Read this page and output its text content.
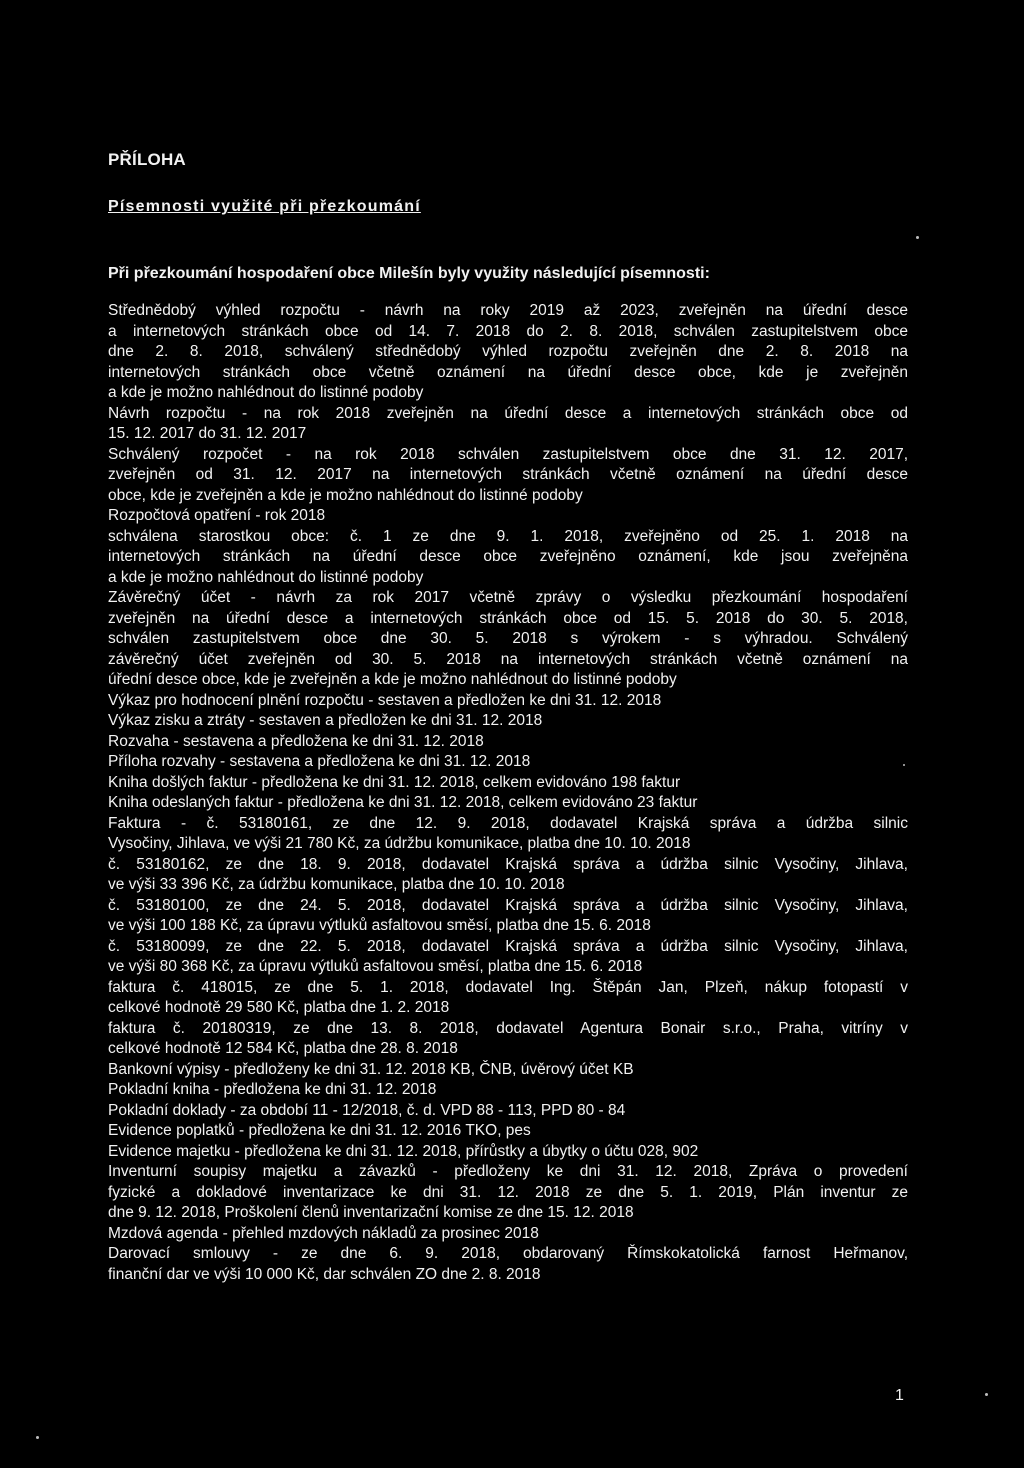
PŘÍLOHA
Písemnosti využité při přezkoumání
Při přezkoumání hospodaření obce Milešín byly využity následující písemnosti:
Střednědobý výhled rozpočtu - návrh na roky 2019 až 2023, zveřejněn na úřední desce
a internetových stránkách obce od 14. 7. 2018 do 2. 8. 2018, schválen zastupitelstvem obce
dne 2. 8. 2018, schválený střednědobý výhled rozpočtu zveřejněn dne 2. 8. 2018 na
internetových stránkách obce včetně oznámení na úřední desce obce, kde je zveřejněn
a kde je možno nahlédnout do listinné podoby
Návrh rozpočtu - na rok 2018 zveřejněn na úřední desce a internetových stránkách obce od
15. 12. 2017 do 31. 12. 2017
Schválený rozpočet - na rok 2018 schválen zastupitelstvem obce dne 31. 12. 2017,
zveřejněn od 31. 12. 2017 na internetových stránkách včetně oznámení na úřední desce
obce, kde je zveřejněn a kde je možno nahlédnout do listinné podoby
Rozpočtová opatření - rok 2018
schválena starostkou obce: č. 1 ze dne 9. 1. 2018, zveřejněno od 25. 1. 2018 na
internetových stránkách na úřední desce obce zveřejněno oznámení, kde jsou zveřejněna
a kde je možno nahlédnout do listinné podoby
Závěrečný účet - návrh za rok 2017 včetně zprávy o výsledku přezkoumání hospodaření
zveřejněn na úřední desce a internetových stránkách obce od 15. 5. 2018 do 30. 5. 2018,
schválen zastupitelstvem obce dne 30. 5. 2018 s výrokem - s výhradou. Schválený
závěrečný účet zveřejněn od 30. 5. 2018 na internetových stránkách včetně oznámení na
úřední desce obce, kde je zveřejněn a kde je možno nahlédnout do listinné podoby
Výkaz pro hodnocení plnění rozpočtu - sestaven a předložen ke dni 31. 12. 2018
Výkaz zisku a ztráty - sestaven a předložen ke dni 31. 12. 2018
Rozvaha - sestavena a předložena ke dni 31. 12. 2018
Příloha rozvahy - sestavena a předložena ke dni 31. 12. 2018
Kniha došlých faktur - předložena ke dni 31. 12. 2018, celkem evidováno 198 faktur
Kniha odeslaných faktur - předložena ke dni 31. 12. 2018, celkem evidováno 23 faktur
Faktura - č. 53180161, ze dne 12. 9. 2018, dodavatel Krajská správa a údržba silnic
Vysočiny, Jihlava, ve výši 21 780 Kč, za údržbu komunikace, platba dne 10. 10. 2018
č. 53180162, ze dne 18. 9. 2018, dodavatel Krajská správa a údržba silnic Vysočiny, Jihlava,
ve výši 33 396 Kč, za údržbu komunikace, platba dne 10. 10. 2018
č. 53180100, ze dne 24. 5. 2018, dodavatel Krajská správa a údržba silnic Vysočiny, Jihlava,
ve výši 100 188 Kč, za úpravu výtluků asfaltovou směsí, platba dne 15. 6. 2018
č. 53180099, ze dne 22. 5. 2018, dodavatel Krajská správa a údržba silnic Vysočiny, Jihlava,
ve výši 80 368 Kč, za úpravu výtluků asfaltovou směsí, platba dne 15. 6. 2018
faktura č. 418015, ze dne 5. 1. 2018, dodavatel Ing. Štěpán Jan, Plzeň, nákup fotopastí v
celkové hodnotě 29 580 Kč, platba dne 1. 2. 2018
faktura č. 20180319, ze dne 13. 8. 2018, dodavatel Agentura Bonair s.r.o., Praha, vitríny v
celkové hodnotě 12 584 Kč, platba dne 28. 8. 2018
Bankovní výpisy - předloženy ke dni 31. 12. 2018 KB, ČNB, úvěrový účet KB
Pokladní kniha - předložena ke dni 31. 12. 2018
Pokladní doklady - za období 11 - 12/2018, č. d. VPD 88 - 113, PPD 80 - 84
Evidence poplatků - předložena ke dni 31. 12. 2016 TKO, pes
Evidence majetku - předložena ke dni 31. 12. 2018, přírůstky a úbytky o účtu 028, 902
Inventurní soupisy majetku a závazků - předloženy ke dni 31. 12. 2018, Zpráva o provedení
fyzické a dokladové inventarizace ke dni 31. 12. 2018 ze dne 5. 1. 2019, Plán inventur ze
dne 9. 12. 2018, Proškolení členů inventarizační komise ze dne 15. 12. 2018
Mzdová agenda - přehled mzdových nákladů za prosinec 2018
Darovací smlouvy - ze dne 6. 9. 2018, obdarovaný Římskokatolická farnost Heřmanov,
finanční dar ve výši 10 000 Kč, dar schválen ZO dne 2. 8. 2018
1
